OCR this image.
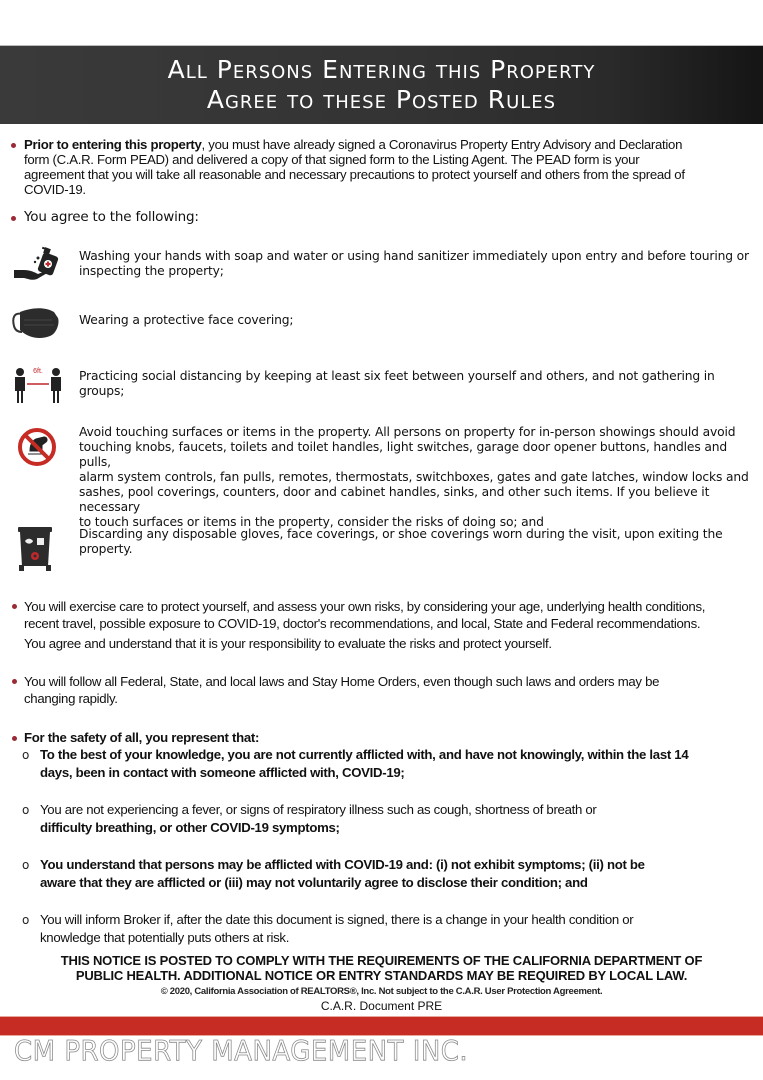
All Persons Entering this Property
Agree to these Posted Rules
Prior to entering this property, you must have already signed a Coronavirus Property Entry Advisory and Declaration
form (C.A.R. Form PEAD) and delivered a copy of that signed form to the Listing Agent. The PEAD form is your
agreement that you will take all reasonable and necessary precautions to protect yourself and others from the spread of
COVID-19.
You agree to the following:
Washing your hands with soap and water or using hand sanitizer immediately upon entry and before touring or
inspecting the property;
Wearing a protective face covering;
6ft.	Practicing social distancing by keeping at least six feet between yourself and others, and not gathering in groups;
Avoid touching surfaces or items in the property. All persons on property for in-person showings should avoid
touching knobs, faucets, toilets and toilet handles, light switches, garage door opener buttons, handles and pulls,
alarm system controls, fan pulls, remotes, thermostats, switchboxes, gates and gate latches, window locks and
sashes, pool coverings, counters, door and cabinet handles, sinks, and other such items. If you believe it necessary
to touch surfaces or items in the property, consider the risks of doing so; and
Discarding any disposable gloves, face coverings, or shoe coverings worn during the visit, upon exiting the
property.
You will exercise care to protect yourself, and assess your own risks, by considering your age, underlying health conditions,
recent travel, possible exposure to COVID-19, doctor's recommendations, and local, State and Federal recommendations.
You agree and understand that it is your responsibility to evaluate the risks and protect yourself.
You will follow all Federal, State, and local laws and Stay Home Orders, even though such laws and orders may be
changing rapidly.
For the safety of all, you represent that:
o To the best of your knowledge, you are not currently afflicted with, and have not knowingly, within the last 14
days, been in contact with someone afflicted with, COVID-19;
o You are not experiencing a fever, or signs of respiratory illness such as cough, shortness of breath or
difficulty breathing, or other COVID-19 symptoms;
o You understand that persons may be afflicted with COVID-19 and: (i) not exhibit symptoms; (ii) not be
aware that they are afflicted or (iii) may not voluntarily agree to disclose their condition; and
o You will inform Broker if, after the date this document is signed, there is a change in your health condition or
knowledge that potentially puts others at risk.
THIS NOTICE IS POSTED TO COMPLY WITH THE REQUIREMENTS OF THE CALIFORNIA DEPARTMENT OF
PUBLIC HEALTH. ADDITIONAL NOTICE OR ENTRY STANDARDS MAY BE REQUIRED BY LOCAL LAW.
© 2020, California Association of REALTORS®, Inc. Not subject to the C.A.R. User Protection Agreement.
C.A.R. Document PRE
CM PROPERTY MANAGEMENT INC.
